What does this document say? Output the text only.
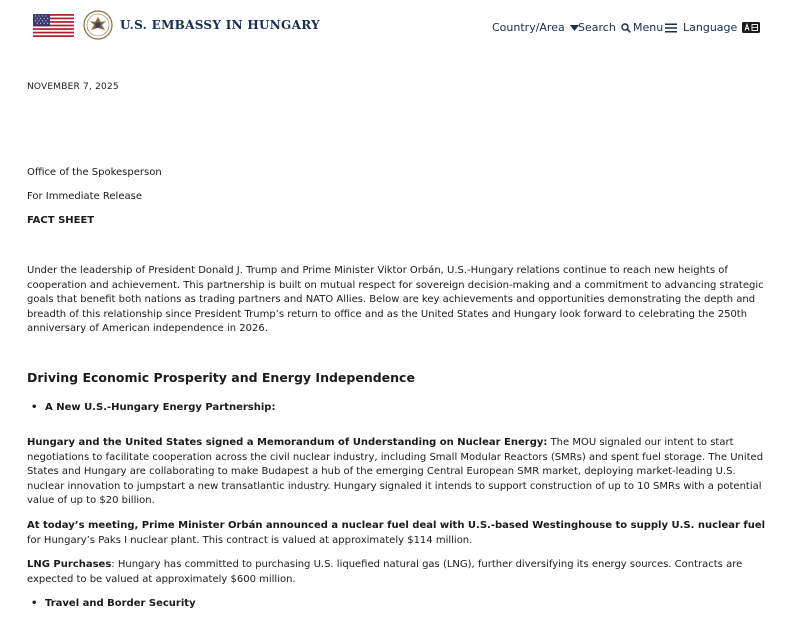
U.S. EMBASSY IN HUNGARY	Country/Area Search Menu Language
NOVEMBER 7, 2025
Office of the Spokesperson
For Immediate Release
FACT SHEET

Under the leadership of President Donald J. Trump and Prime Minister Viktor Orbán, U.S.-Hungary relations continue to reach new heights of cooperation and achievement. This partnership is built on mutual respect for sovereign decision-making and a commitment to advancing strategic goals that benefit both nations as trading partners and NATO Allies. Below are key achievements and opportunities demonstrating the depth and breadth of this relationship since President Trump’s return to office and as the United States and Hungary look forward to celebrating the 250th anniversary of American independence in 2026.

Driving Economic Prosperity and Energy Independence
• A New U.S.-Hungary Energy Partnership:

Hungary and the United States signed a Memorandum of Understanding on Nuclear Energy: The MOU signaled our intent to start negotiations to facilitate cooperation across the civil nuclear industry, including Small Modular Reactors (SMRs) and spent fuel storage. The United States and Hungary are collaborating to make Budapest a hub of the emerging Central European SMR market, deploying market-leading U.S. nuclear innovation to jumpstart a new transatlantic industry. Hungary signaled it intends to support construction of up to 10 SMRs with a potential value of up to $20 billion.

At today’s meeting, Prime Minister Orbán announced a nuclear fuel deal with U.S.-based Westinghouse to supply U.S. nuclear fuel for Hungary’s Paks I nuclear plant. This contract is valued at approximately $114 million.

LNG Purchases: Hungary has committed to purchasing U.S. liquefied natural gas (LNG), further diversifying its energy sources. Contracts are expected to be valued at approximately $600 million.

• Travel and Border Security
